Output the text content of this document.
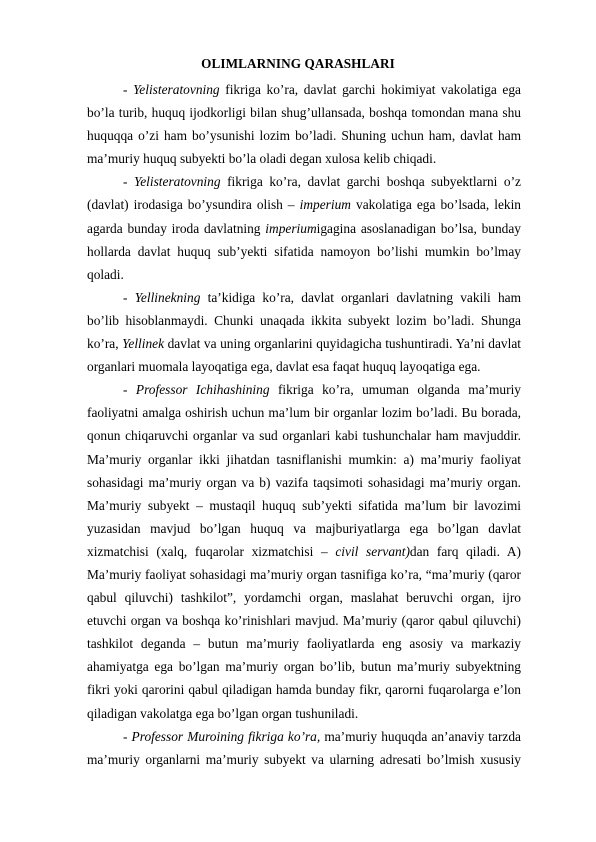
OLIMLARNING QARASHLARI

- Yelisteratovning fikriga ko’ra, davlat garchi hokimiyat vakolatiga ega bo’la turib, huquq ijodkorligi bilan shug’ullansada, boshqa tomondan mana shu huquqqa o’zi ham bo’ysunishi lozim bo’ladi. Shuning uchun ham, davlat ham ma’muriy huquq subyekti bo’la oladi degan xulosa kelib chiqadi.

- Yelisteratovning fikriga ko’ra, davlat garchi boshqa subyektlarni o’z (davlat) irodasiga bo’ysundira olish – imperium vakolatiga ega bo’lsada, lekin agarda bunday iroda davlatning imperiumigagina asoslanadigan bo’lsa, bunday hollarda davlat huquq sub’yekti sifatida namoyon bo’lishi mumkin bo’lmay qoladi.

- Yellinekning ta’kidiga ko’ra, davlat organlari davlatning vakili ham bo’lib hisoblanmaydi. Chunki unaqada ikkita subyekt lozim bo’ladi. Shunga ko’ra, Yellinek davlat va uning organlarini quyidagicha tushuntiradi. Ya’ni davlat organlari muomala layoqatiga ega, davlat esa faqat huquq layoqatiga ega.

- Professor Ichihashining fikriga ko’ra, umuman olganda ma’muriy faoliyatni amalga oshirish uchun ma’lum bir organlar lozim bo’ladi. Bu borada, qonun chiqaruvchi organlar va sud organlari kabi tushunchalar ham mavjuddir. Ma’muriy organlar ikki jihatdan tasniflanishi mumkin: a) ma’muriy faoliyat sohasidagi ma’muriy organ va b) vazifa taqsimoti sohasidagi ma’muriy organ. Ma’muriy subyekt – mustaqil huquq sub’yekti sifatida ma’lum bir lavozimi yuzasidan mavjud bo’lgan huquq va majburiyatlarga ega bo’lgan davlat xizmatchisi (xalq, fuqarolar xizmatchisi – civil servant)dan farq qiladi. A) Ma’muriy faoliyat sohasidagi ma’muriy organ tasnifiga ko’ra, “ma’muriy (qaror qabul qiluvchi) tashkilot”, yordamchi organ, maslahat beruvchi organ, ijro etuvchi organ va boshqa ko’rinishlari mavjud. Ma’muriy (qaror qabul qiluvchi) tashkilot deganda – butun ma’muriy faoliyatlarda eng asosiy va markaziy ahamiyatga ega bo’lgan ma’muriy organ bo’lib, butun ma’muriy subyektning fikri yoki qarorini qabul qiladigan hamda bunday fikr, qarorni fuqarolarga e’lon qiladigan vakolatga ega bo’lgan organ tushuniladi.

- Professor Muroining fikriga ko’ra, ma’muriy huquqda an’anaviy tarzda ma’muriy organlarni ma’muriy subyekt va ularning adresati bo’lmish xususiy
